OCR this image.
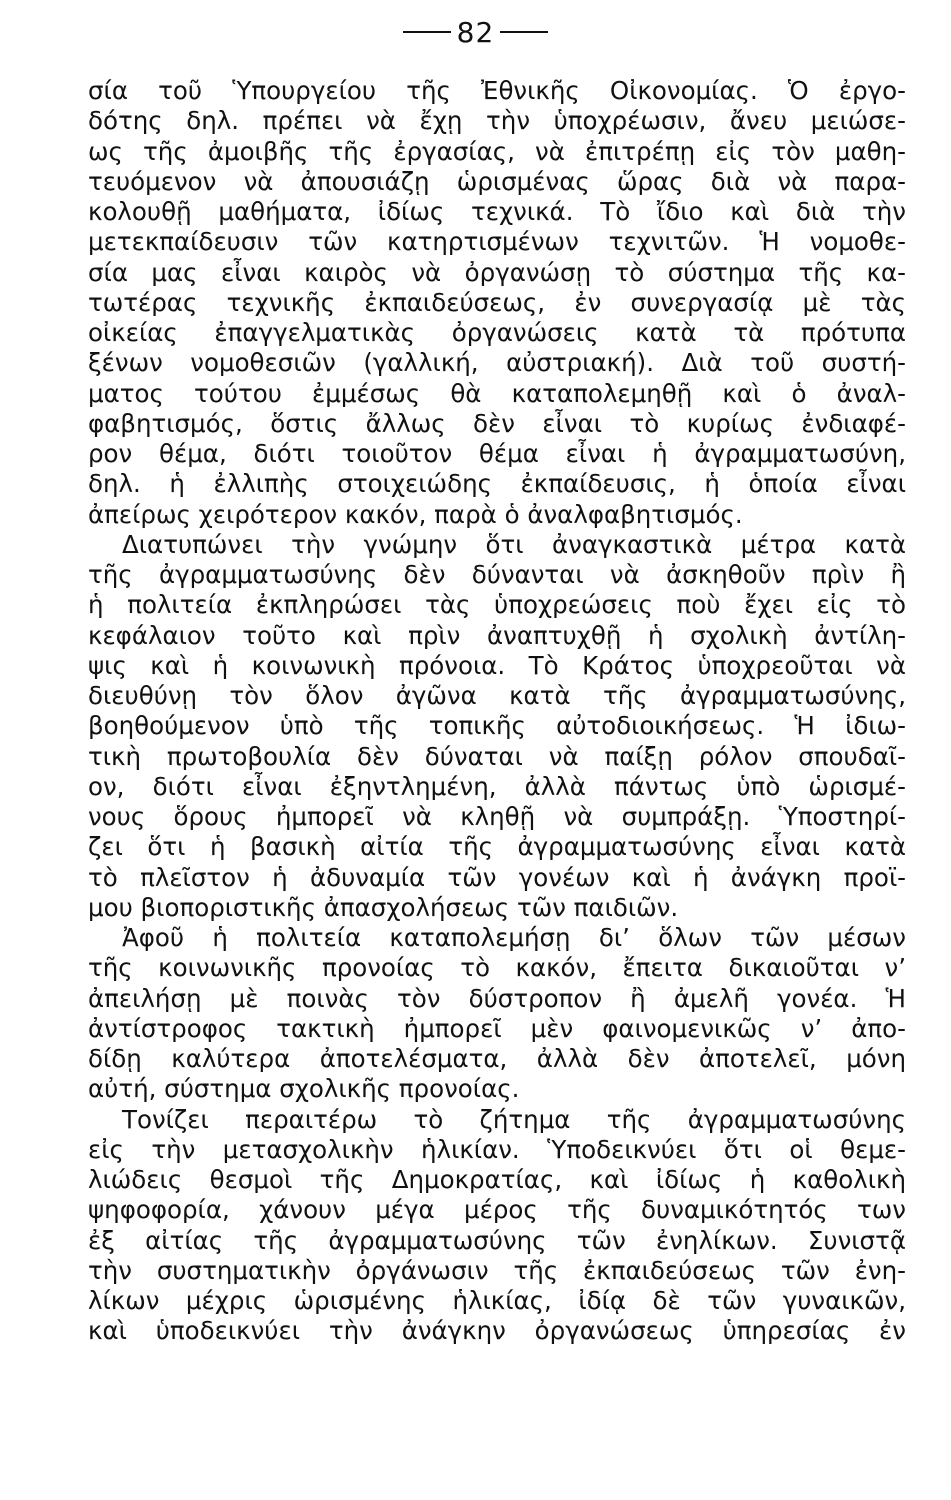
82
σία τοῦ Ὑπουργείου τῆς Ἐθνικῆς Οἰκονομίας. Ὁ ἐργο-
δότης δηλ. πρέπει νὰ ἔχῃ τὴν ὑποχρέωσιν, ἄνευ μειώσε-
ως τῆς ἀμοιβῆς τῆς ἐργασίας, νὰ ἐπιτρέπῃ εἰς τὸν μαθη-
τευόμενον νὰ ἀπουσιάζῃ ὡρισμένας ὥρας διὰ νὰ παρα-
κολουθῇ μαθήματα, ἰδίως τεχνικά. Τὸ ἴδιο καὶ διὰ τὴν
μετεκπαίδευσιν τῶν κατηρτισμένων τεχνιτῶν. Ἡ νομοθε-
σία μας εἶναι καιρὸς νὰ ὀργανώσῃ τὸ σύστημα τῆς κα-
τωτέρας τεχνικῆς ἐκπαιδεύσεως, ἐν συνεργασίᾳ μὲ τὰς
οἰκείας ἐπαγγελματικὰς ὀργανώσεις κατὰ τὰ πρότυπα
ξένων νομοθεσιῶν (γαλλική, αὐστριακή). Διὰ τοῦ συστή-
ματος τούτου ἐμμέσως θὰ καταπολεμηθῇ καὶ ὁ ἀναλ-
φαβητισμός, ὅστις ἄλλως δὲν εἶναι τὸ κυρίως ἐνδιαφέ-
ρον θέμα, διότι τοιοῦτον θέμα εἶναι ἡ ἀγραμματωσύνη,
δηλ. ἡ ἐλλιπὴς στοιχειώδης ἐκπαίδευσις, ἡ ὁποία εἶναι
ἀπείρως χειρότερον κακόν, παρὰ ὁ ἀναλφαβητισμός.
Διατυπώνει τὴν γνώμην ὅτι ἀναγκαστικὰ μέτρα κατὰ
τῆς ἀγραμματωσύνης δὲν δύνανται νὰ ἀσκηθοῦν πρὶν ἢ
ἡ πολιτεία ἐκπληρώσει τὰς ὑποχρεώσεις ποὺ ἔχει εἰς τὸ
κεφάλαιον τοῦτο καὶ πρὶν ἀναπτυχθῇ ἡ σχολικὴ ἀντίλη-
ψις καὶ ἡ κοινωνικὴ πρόνοια. Τὸ Κράτος ὑποχρεοῦται νὰ
διευθύνῃ τὸν ὅλον ἀγῶνα κατὰ τῆς ἀγραμματωσύνης,
βοηθούμενον ὑπὸ τῆς τοπικῆς αὐτοδιοικήσεως. Ἡ ἰδιω-
τικὴ πρωτοβουλία δὲν δύναται νὰ παίξῃ ρόλον σπουδαῖ-
ον, διότι εἶναι ἐξηντλημένη, ἀλλὰ πάντως ὑπὸ ὡρισμέ-
νους ὅρους ἠμπορεῖ νὰ κληθῇ νὰ συμπράξῃ. Ὑποστηρί-
ζει ὅτι ἡ βασικὴ αἰτία τῆς ἀγραμματωσύνης εἶναι κατὰ
τὸ πλεῖστον ἡ ἀδυναμία τῶν γονέων καὶ ἡ ἀνάγκη προϊ-
μου βιοποριστικῆς ἀπασχολήσεως τῶν παιδιῶν.
Ἀφοῦ ἡ πολιτεία καταπολεμήσῃ δι’ ὅλων τῶν μέσων
τῆς κοινωνικῆς προνοίας τὸ κακόν, ἔπειτα δικαιοῦται ν’
ἀπειλήσῃ μὲ ποινὰς τὸν δύστροπον ἢ ἀμελῆ γονέα. Ἡ
ἀντίστροφος τακτικὴ ἠμπορεῖ μὲν φαινομενικῶς ν’ ἀπο-
δίδῃ καλύτερα ἀποτελέσματα, ἀλλὰ δὲν ἀποτελεῖ, μόνη
αὐτή, σύστημα σχολικῆς προνοίας.
Τονίζει περαιτέρω τὸ ζήτημα τῆς ἀγραμματωσύνης
εἰς τὴν μετασχολικὴν ἡλικίαν. Ὑποδεικνύει ὅτι οἱ θεμε-
λιώδεις θεσμοὶ τῆς Δημοκρατίας, καὶ ἰδίως ἡ καθολικὴ
ψηφοφορία, χάνουν μέγα μέρος τῆς δυναμικότητός των
ἐξ αἰτίας τῆς ἀγραμματωσύνης τῶν ἐνηλίκων. Συνιστᾷ
τὴν συστηματικὴν ὀργάνωσιν τῆς ἐκπαιδεύσεως τῶν ἐνη-
λίκων μέχρις ὡρισμένης ἡλικίας, ἰδίᾳ δὲ τῶν γυναικῶν,
καὶ ὑποδεικνύει τὴν ἀνάγκην ὀργανώσεως ὑπηρεσίας ἐν
